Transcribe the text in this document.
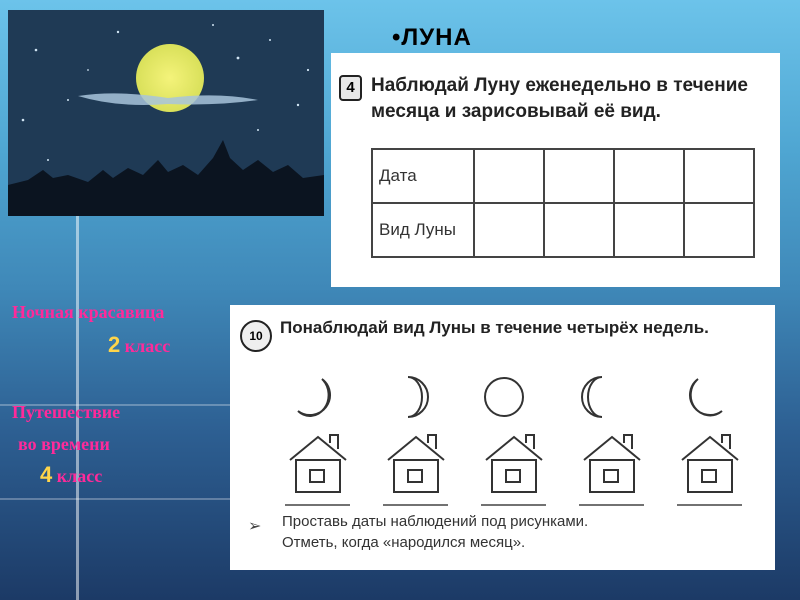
•ЛУНА
4 Наблюдай Луну еженедельно в течение месяца и зарисовывай её вид.
Дата				
Вид Луны				
Ночная красавица
2 класс
Путешествие
во времени
4 класс
10	Понаблюдай вид Луны в течение четырёх недель.
➢ Проставь даты наблюдений под рисунками.
Отметь, когда «народился месяц».
